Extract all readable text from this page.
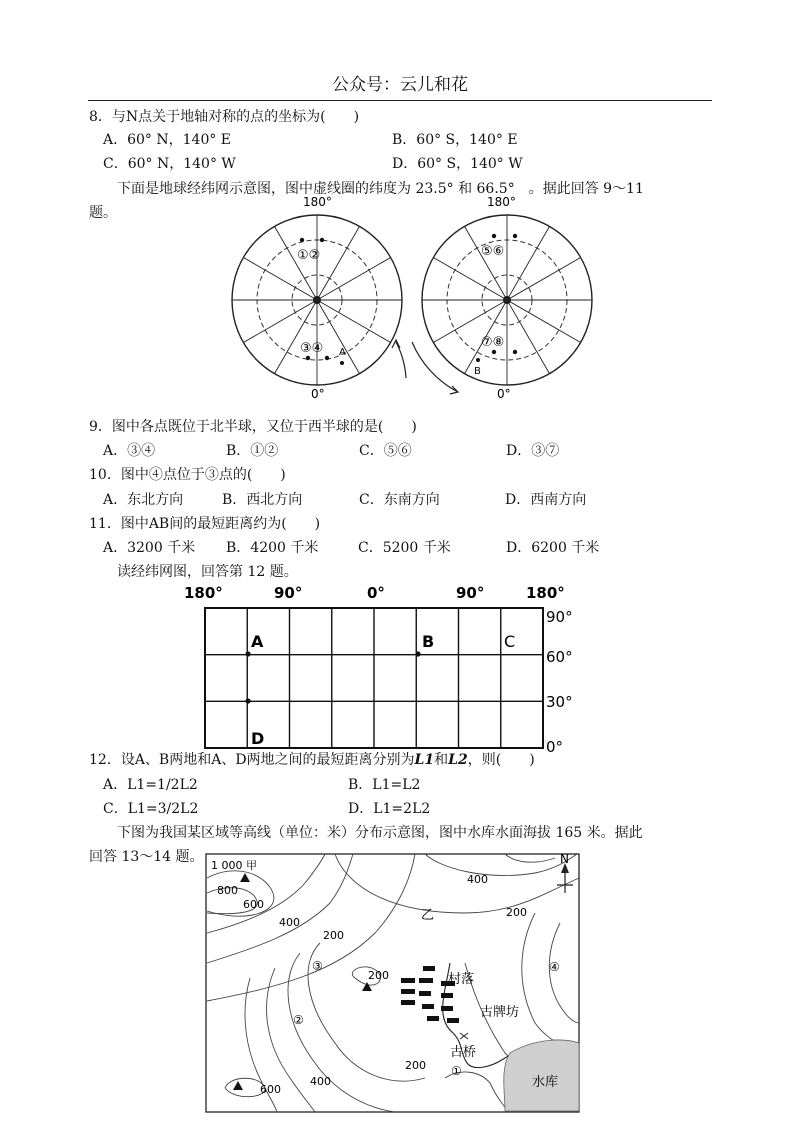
公众号：云儿和花
8．与N点关于地轴对称的点的坐标为(　　)
A．60° N，140° E	B．60° S，140° E
C．60° N，140° W	D．60° S，140° W
下面是地球经纬网示意图，图中虚线圈的纬度为 23.5° 和 66.5°　。据此回答 9～11
题。
180°
0°
180°
0°
①②
③④ A
⑤⑥
⑦⑧
B
9．图中各点既位于北半球，又位于西半球的是(　　)
A．③④	B．①②	C．⑤⑥	D．③⑦
10．图中④点位于③点的(　　)
A．东北方向	B．西北方向	C．东南方向	D．西南方向
11．图中AB间的最短距离约为(　　)
A．3200 千米 B．4200 千米	C．5200 千米	D．6200 千米
读经纬网图，回答第 12 题。
180°	90°	0°	90°	180°
90°
60°
30°
0°
A	B	C
D
12．设A、B两地和A、D两地之间的最短距离分别为L1和L2，则(　　)
A．L1=1/2L2	B．L1=L2
C．L1=3/2L2	D．L1=2L2
下图为我国某区域等高线（单位：米）分布示意图，图中水库水面海拔 165 米。据此
回答 13～14 题。	N
1 000 甲
乙
800
600
400
200
400
200
200
200
400
600
村落
古牌坊
古桥
水库
①
②
③	④
